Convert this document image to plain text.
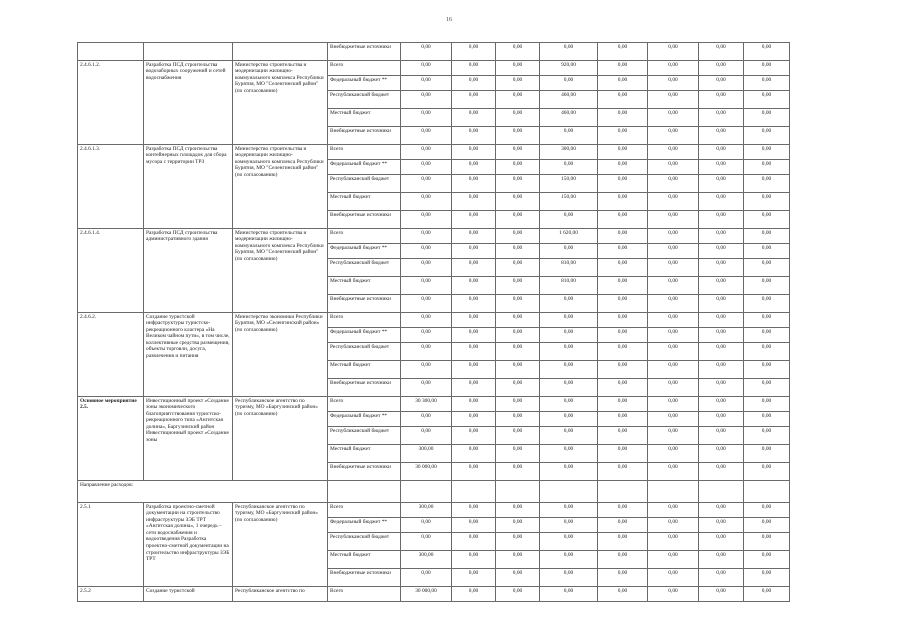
16
			Внебюджетные источники	0,00	0,00	0,00	0,00	0,00	0,00	0,00	0,00
2.4.6.1.2.	Разработка ПСД строительства водозаборных сооружений и сетей водоснабжения	Министерство строительства и модернизации жилищно-коммунального комплекса Республики Бурятия, МО "Селенгинский район" (по согласованию)	Всего	0,00	0,00	0,00	920,00	0,00	0,00	0,00	0,00
			Федеральный бюджет **	0,00	0,00	0,00	0,00	0,00	0,00	0,00	0,00
			Республиканский бюджет	0,00	0,00	0,00	460,00	0,00	0,00	0,00	0,00
			Местный бюджет	0,00	0,00	0,00	460,00	0,00	0,00	0,00	0,00
			Внебюджетные источники	0,00	0,00	0,00	0,00	0,00	0,00	0,00	0,00
2.4.6.1.3.	Разработка ПСД строительства контейнерных площадок для сбора мусора с территории ТРЗ	Министерство строительства и модернизации жилищно-коммунального комплекса Республики Бурятия, МО "Селенгинский район" (по согласованию)	Всего	0,00	0,00	0,00	300,00	0,00	0,00	0,00	0,00
			Федеральный бюджет **	0,00	0,00	0,00	0,00	0,00	0,00	0,00	0,00
			Республиканский бюджет	0,00	0,00	0,00	150,00	0,00	0,00	0,00	0,00
			Местный бюджет	0,00	0,00	0,00	150,00	0,00	0,00	0,00	0,00
			Внебюджетные источники	0,00	0,00	0,00	0,00	0,00	0,00	0,00	0,00
2.4.6.1.4.	Разработка ПСД строительства административного здания	Министерство строительства и модернизации жилищно-коммунального комплекса Республики Бурятия, МО "Селенгинский район" (по согласованию)	Всего	0,00	0,00	0,00	1 620,00	0,00	0,00	0,00	0,00
			Федеральный бюджет **	0,00	0,00	0,00	0,00	0,00	0,00	0,00	0,00
			Республиканский бюджет	0,00	0,00	0,00	810,00	0,00	0,00	0,00	0,00
			Местный бюджет	0,00	0,00	0,00	810,00	0,00	0,00	0,00	0,00
			Внебюджетные источники	0,00	0,00	0,00	0,00	0,00	0,00	0,00	0,00
2.4.6.2.	Создание туристской инфраструктуры туристско-рекреационного кластера «На Великом чайном пути», в том числе, коллективные средства размещения, объекты торговли, досуга, развлечения и питания	Министерство экономики Республики Бурятия, МО «Селенгинский район» (по согласованию)	Всего	0,00	0,00	0,00	0,00	0,00	0,00	0,00	0,00
			Федеральный бюджет **	0,00	0,00	0,00	0,00	0,00	0,00	0,00	0,00
			Республиканский бюджет	0,00	0,00	0,00	0,00	0,00	0,00	0,00	0,00
			Местный бюджет	0,00	0,00	0,00	0,00	0,00	0,00	0,00	0,00
			Внебюджетные источники	0,00	0,00	0,00	0,00	0,00	0,00	0,00	0,00
Основное мероприятие 2.5.	Инвестиционный проект «Создание зоны экономического благоприятствования туристско-рекреационного типа «Ангитская долина», Баргузинский район Инвестиционный проект «Создание зоны	Республиканское агентство по туризму, МО «Баргузинский район» (по согласованию)	Всего	30 300,00	0,00	0,00	0,00	0,00	0,00	0,00	0,00
			Федеральный бюджет **	0,00	0,00	0,00	0,00	0,00	0,00	0,00	0,00
			Республиканский бюджет	0,00	0,00	0,00	0,00	0,00	0,00	0,00	0,00
			Местный бюджет	300,00	0,00	0,00	0,00	0,00	0,00	0,00	0,00
			Внебюджетные источники	30 000,00	0,00	0,00	0,00	0,00	0,00	0,00	0,00
Направление расходов:											
2.5.1	Разработка проектно-сметной документации на строительство инфраструктуры ЗЭБ ТРТ «Ангитская долина», 1 очередь – сети водоснабжения и водоотведения Разработка проектно-сметной документации на строительство инфраструктуры ЗЭБ ТРТ	Республиканское агентство по туризму, МО «Баргузинский район» (по согласованию)	Всего	300,00	0,00	0,00	0,00	0,00	0,00	0,00	0,00
			Федеральный бюджет **	0,00	0,00	0,00	0,00	0,00	0,00	0,00	0,00
			Республиканский бюджет	0,00	0,00	0,00	0,00	0,00	0,00	0,00	0,00
			Местный бюджет	300,00	0,00	0,00	0,00	0,00	0,00	0,00	0,00
			Внебюджетные источники	0,00	0,00	0,00	0,00	0,00	0,00	0,00	0,00
2.5.2	Создание туристской	Республиканское агентство по	Всего	30 000,00	0,00	0,00	0,00	0,00	0,00	0,00	0,00
